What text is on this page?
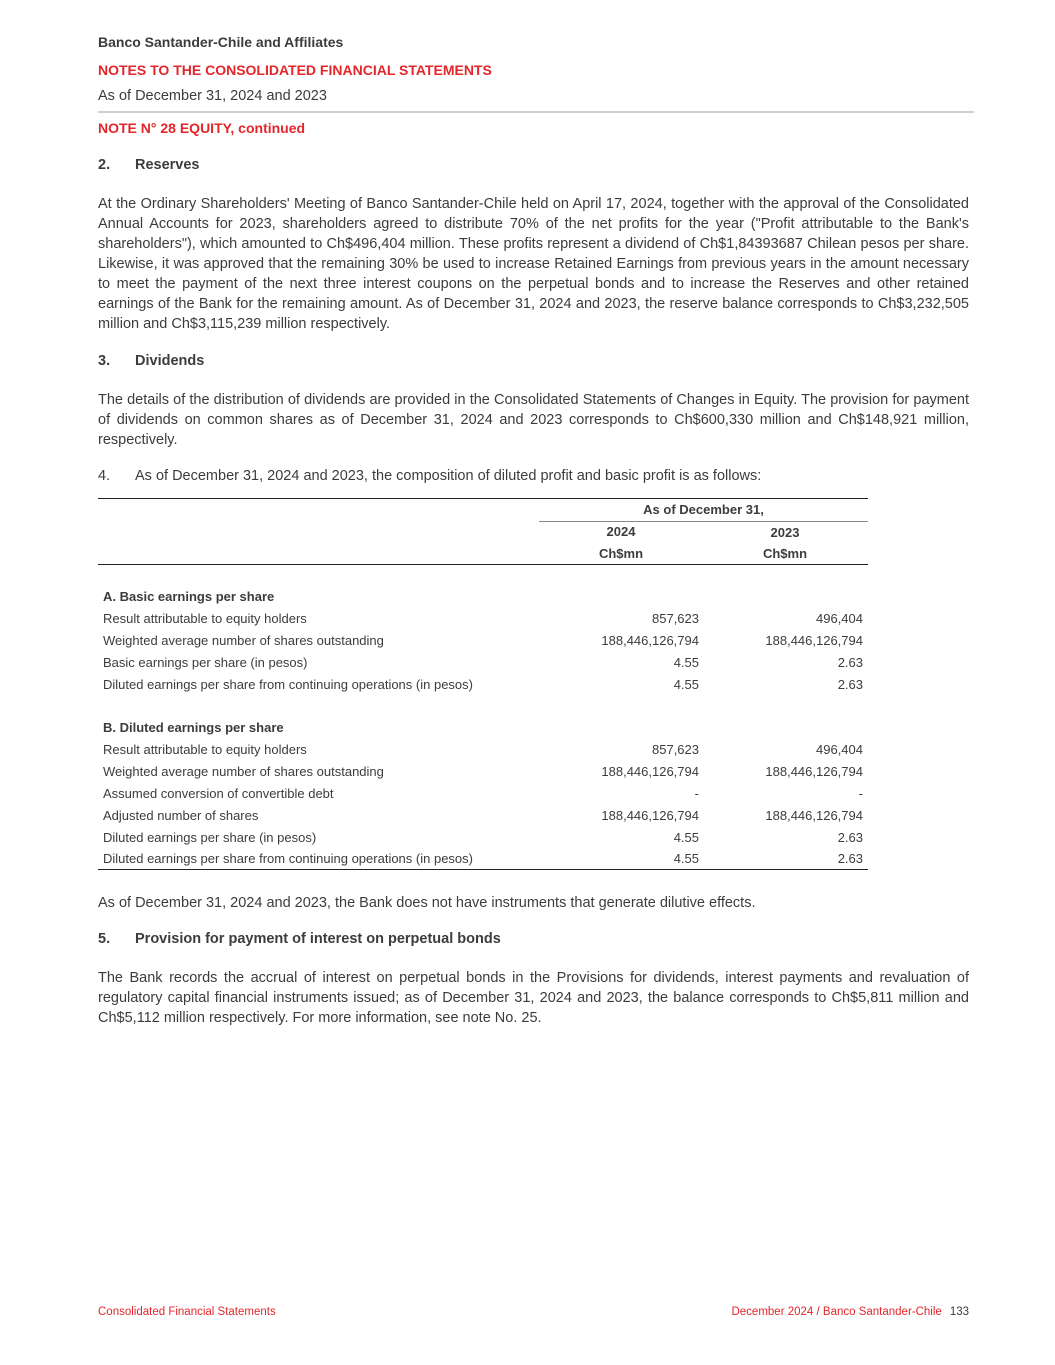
Banco Santander-Chile and Affiliates
NOTES TO THE CONSOLIDATED FINANCIAL STATEMENTS
As of December 31, 2024 and 2023
NOTE N° 28 EQUITY, continued
2. Reserves
At the Ordinary Shareholders' Meeting of Banco Santander-Chile held on April 17, 2024, together with the approval of the Consolidated Annual Accounts for 2023, shareholders agreed to distribute 70% of the net profits for the year ("Profit attributable to the Bank's shareholders"), which amounted to Ch$496,404 million. These profits represent a dividend of Ch$1,84393687 Chilean pesos per share. Likewise, it was approved that the remaining 30% be used to increase Retained Earnings from previous years in the amount necessary to meet the payment of the next three interest coupons on the perpetual bonds and to increase the Reserves and other retained earnings of the Bank for the remaining amount. As of December 31, 2024 and 2023, the reserve balance corresponds to Ch$3,232,505 million and Ch$3,115,239 million respectively.
3. Dividends
The details of the distribution of dividends are provided in the Consolidated Statements of Changes in Equity. The provision for payment of dividends on common shares as of December 31, 2024 and 2023 corresponds to Ch$600,330 million and Ch$148,921 million, respectively.
4. As of December 31, 2024 and 2023, the composition of diluted profit and basic profit is as follows:
As of December 31,
2024	2023
Ch$mn	Ch$mn
A. Basic earnings per share
Result attributable to equity holders	857,623	496,404
Weighted average number of shares outstanding	188,446,126,794	188,446,126,794
Basic earnings per share (in pesos)	4.55	2.63
Diluted earnings per share from continuing operations (in pesos)	4.55	2.63
B. Diluted earnings per share
Result attributable to equity holders	857,623	496,404
Weighted average number of shares outstanding	188,446,126,794	188,446,126,794
Assumed conversion of convertible debt	-	-
Adjusted number of shares	188,446,126,794	188,446,126,794
Diluted earnings per share (in pesos)	4.55	2.63
Diluted earnings per share from continuing operations (in pesos)	4.55	2.63
As of December 31, 2024 and 2023, the Bank does not have instruments that generate dilutive effects.
5. Provision for payment of interest on perpetual bonds
The Bank records the accrual of interest on perpetual bonds in the Provisions for dividends, interest payments and revaluation of regulatory capital financial instruments issued; as of December 31, 2024 and 2023, the balance corresponds to Ch$5,811 million and Ch$5,112 million respectively. For more information, see note No. 25.
Consolidated Financial Statements	December 2024 / Banco Santander-Chile 133
